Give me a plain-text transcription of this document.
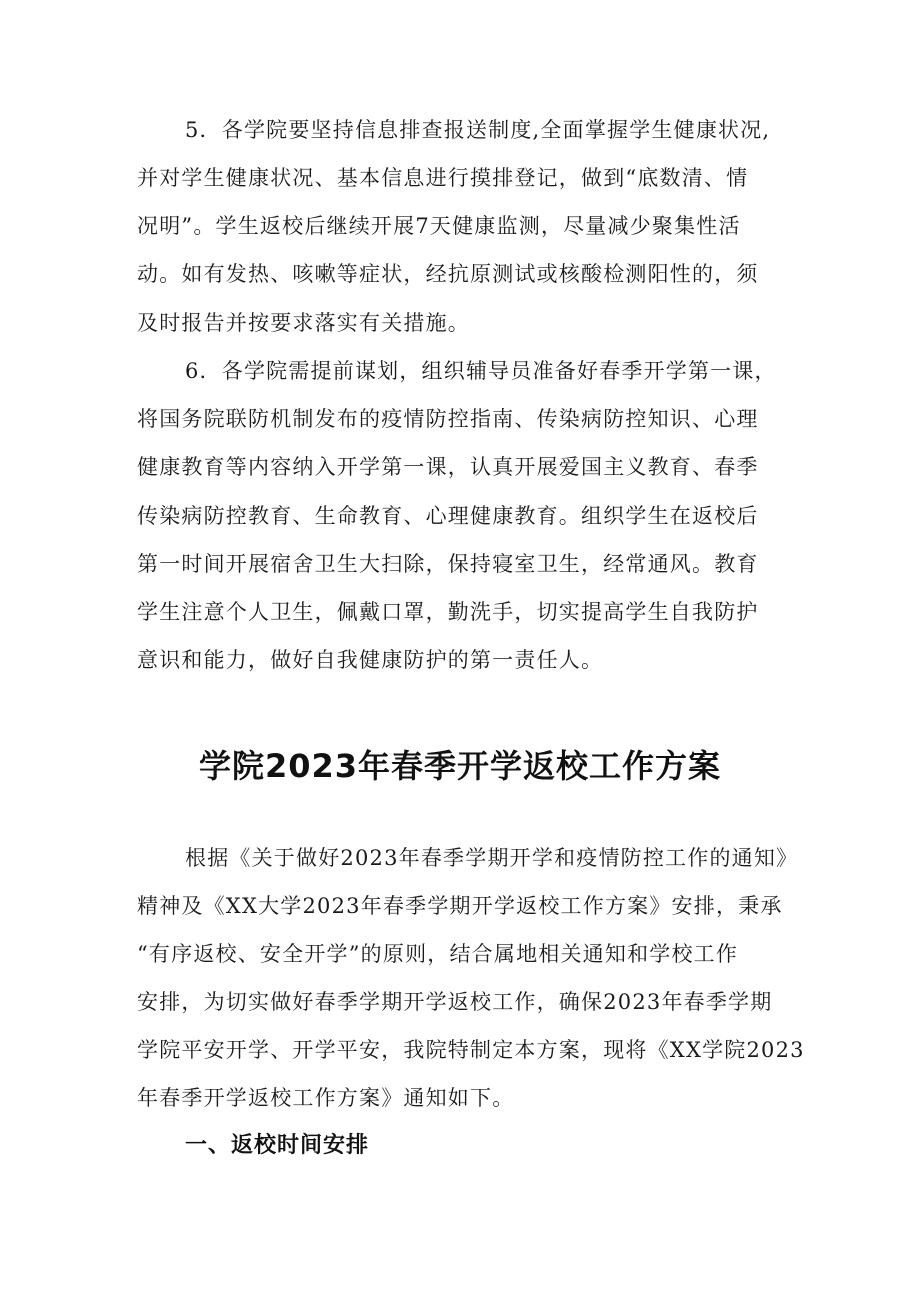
5．各学院要坚持信息排查报送制度,全面掌握学生健康状况,
并对学生健康状况、基本信息进行摸排登记，做到“底数清、情
况明”。学生返校后继续开展7天健康监测，尽量减少聚集性活
动。如有发热、咳嗽等症状，经抗原测试或核酸检测阳性的，须
及时报告并按要求落实有关措施。
6．各学院需提前谋划，组织辅导员准备好春季开学第一课，
将国务院联防机制发布的疫情防控指南、传染病防控知识、心理
健康教育等内容纳入开学第一课，认真开展爱国主义教育、春季
传染病防控教育、生命教育、心理健康教育。组织学生在返校后
第一时间开展宿舍卫生大扫除，保持寝室卫生，经常通风。教育
学生注意个人卫生，佩戴口罩，勤洗手，切实提高学生自我防护
意识和能力，做好自我健康防护的第一责任人。
学院2023年春季开学返校工作方案
根据《关于做好2023年春季学期开学和疫情防控工作的通知》
精神及《XX大学2023年春季学期开学返校工作方案》安排，秉承
“有序返校、安全开学”的原则，结合属地相关通知和学校工作
安排，为切实做好春季学期开学返校工作，确保2023年春季学期
学院平安开学、开学平安，我院特制定本方案，现将《XX学院2023
年春季开学返校工作方案》通知如下。
一、返校时间安排
